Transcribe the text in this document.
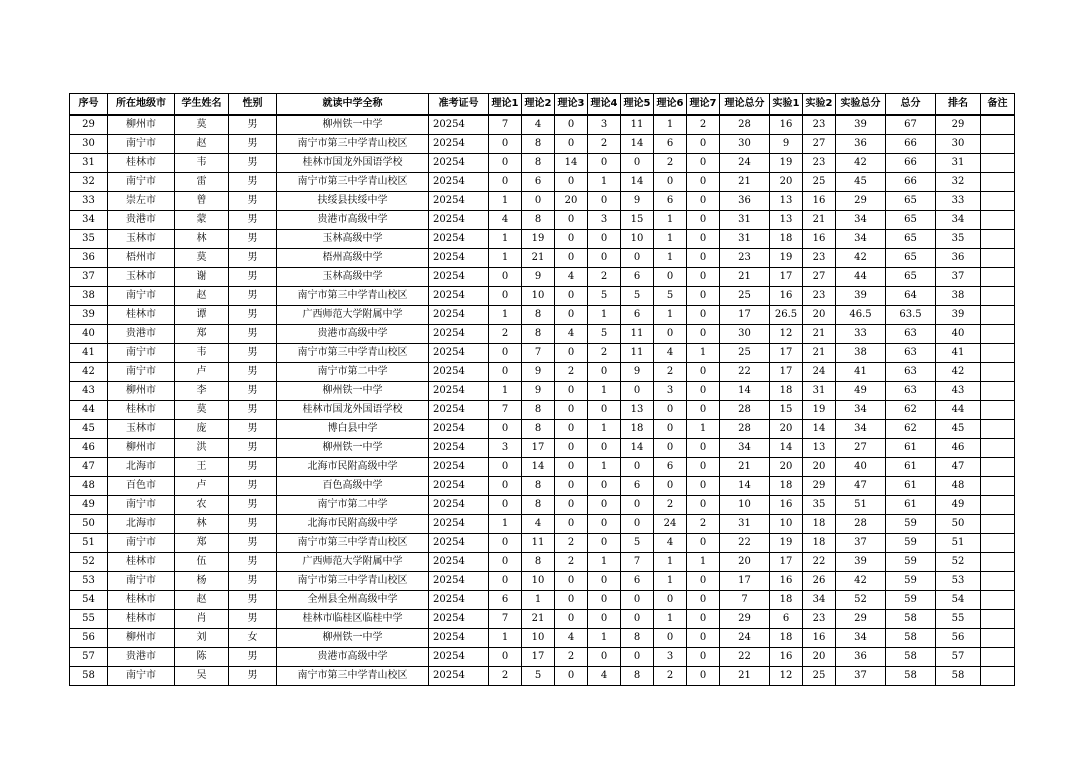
序号	所在地级市	学生姓名	性别	就读中学全称	准考证号	理论1	理论2	理论3	理论4	理论5	理论6	理论7	理论总分	实验1	实验2	实验总分	总分	排名	备注
29	柳州市	莫	男	柳州铁一中学	20254	7	4	0	3	11	1	2	28	16	23	39	67	29	
30	南宁市	赵	男	南宁市第三中学青山校区	20254	0	8	0	2	14	6	0	30	9	27	36	66	30	
31	桂林市	韦	男	桂林市国龙外国语学校	20254	0	8	14	0	0	2	0	24	19	23	42	66	31	
32	南宁市	雷	男	南宁市第三中学青山校区	20254	0	6	0	1	14	0	0	21	20	25	45	66	32	
33	崇左市	曾	男	扶绥县扶绥中学	20254	1	0	20	0	9	6	0	36	13	16	29	65	33	
34	贵港市	蒙	男	贵港市高级中学	20254	4	8	0	3	15	1	0	31	13	21	34	65	34	
35	玉林市	林	男	玉林高级中学	20254	1	19	0	0	10	1	0	31	18	16	34	65	35	
36	梧州市	莫	男	梧州高级中学	20254	1	21	0	0	0	1	0	23	19	23	42	65	36	
37	玉林市	谢	男	玉林高级中学	20254	0	9	4	2	6	0	0	21	17	27	44	65	37	
38	南宁市	赵	男	南宁市第三中学青山校区	20254	0	10	0	5	5	5	0	25	16	23	39	64	38	
39	桂林市	谭	男	广西师范大学附属中学	20254	1	8	0	1	6	1	0	17	26.5	20	46.5	63.5	39	
40	贵港市	郑	男	贵港市高级中学	20254	2	8	4	5	11	0	0	30	12	21	33	63	40	
41	南宁市	韦	男	南宁市第三中学青山校区	20254	0	7	0	2	11	4	1	25	17	21	38	63	41	
42	南宁市	卢	男	南宁市第二中学	20254	0	9	2	0	9	2	0	22	17	24	41	63	42	
43	柳州市	李	男	柳州铁一中学	20254	1	9	0	1	0	3	0	14	18	31	49	63	43	
44	桂林市	莫	男	桂林市国龙外国语学校	20254	7	8	0	0	13	0	0	28	15	19	34	62	44	
45	玉林市	庞	男	博白县中学	20254	0	8	0	1	18	0	1	28	20	14	34	62	45	
46	柳州市	洪	男	柳州铁一中学	20254	3	17	0	0	14	0	0	34	14	13	27	61	46	
47	北海市	王	男	北海市民附高级中学	20254	0	14	0	1	0	6	0	21	20	20	40	61	47	
48	百色市	卢	男	百色高级中学	20254	0	8	0	0	6	0	0	14	18	29	47	61	48	
49	南宁市	农	男	南宁市第二中学	20254	0	8	0	0	0	2	0	10	16	35	51	61	49	
50	北海市	林	男	北海市民附高级中学	20254	1	4	0	0	0	24	2	31	10	18	28	59	50	
51	南宁市	郑	男	南宁市第三中学青山校区	20254	0	11	2	0	5	4	0	22	19	18	37	59	51	
52	桂林市	伍	男	广西师范大学附属中学	20254	0	8	2	1	7	1	1	20	17	22	39	59	52	
53	南宁市	杨	男	南宁市第三中学青山校区	20254	0	10	0	0	6	1	0	17	16	26	42	59	53	
54	桂林市	赵	男	全州县全州高级中学	20254	6	1	0	0	0	0	0	7	18	34	52	59	54	
55	桂林市	肖	男	桂林市临桂区临桂中学	20254	7	21	0	0	0	1	0	29	6	23	29	58	55	
56	柳州市	刘	女	柳州铁一中学	20254	1	10	4	1	8	0	0	24	18	16	34	58	56	
57	贵港市	陈	男	贵港市高级中学	20254	0	17	2	0	0	3	0	22	16	20	36	58	57	
58	南宁市	吴	男	南宁市第三中学青山校区	20254	2	5	0	4	8	2	0	21	12	25	37	58	58	
